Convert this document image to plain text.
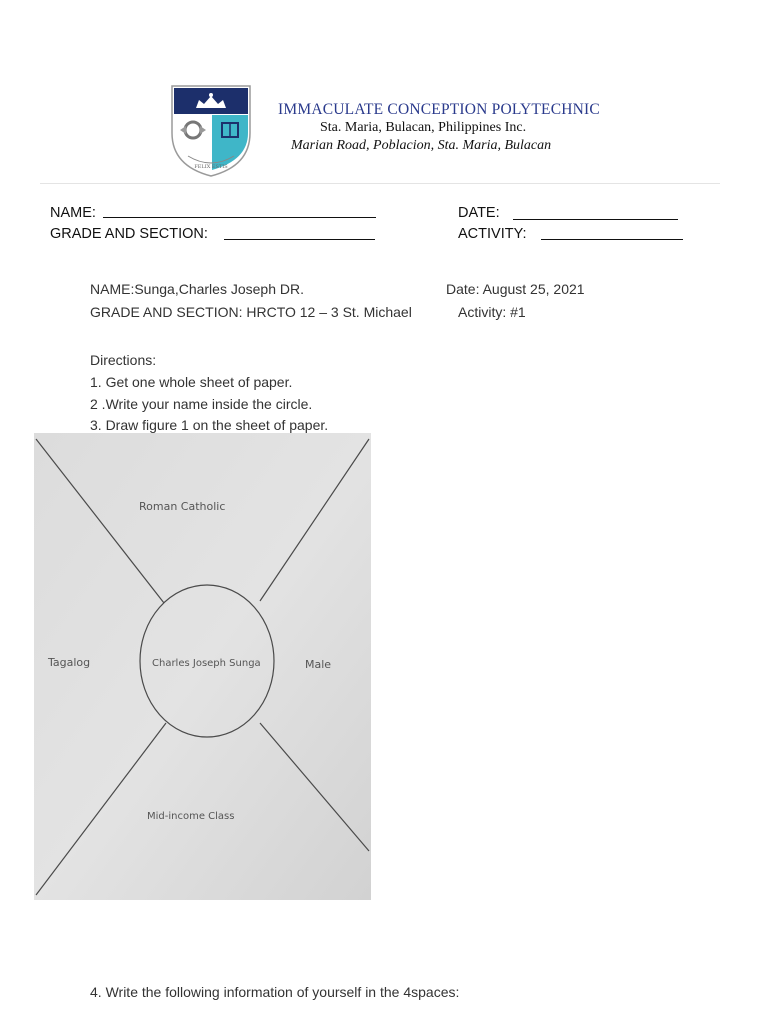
FELIX ESTIS
IMMACULATE CONCEPTION POLYTECHNIC
Sta. Maria, Bulacan, Philippines Inc.
Marian Road, Poblacion, Sta. Maria, Bulacan
NAME:
GRADE AND SECTION:
DATE:
ACTIVITY:
NAME:Sunga,Charles Joseph DR.	Date: August 25, 2021
GRADE AND SECTION: HRCTO 12 – 3 St. Michael	Activity: #1
Directions:
1. Get one whole sheet of paper.
2 .Write your name inside the circle.
3. Draw figure 1 on the sheet of paper.
Roman Catholic
Charles Joseph Sunga
Tagalog	Male
Mid-income Class
4. Write the following information of yourself in the 4spaces:
